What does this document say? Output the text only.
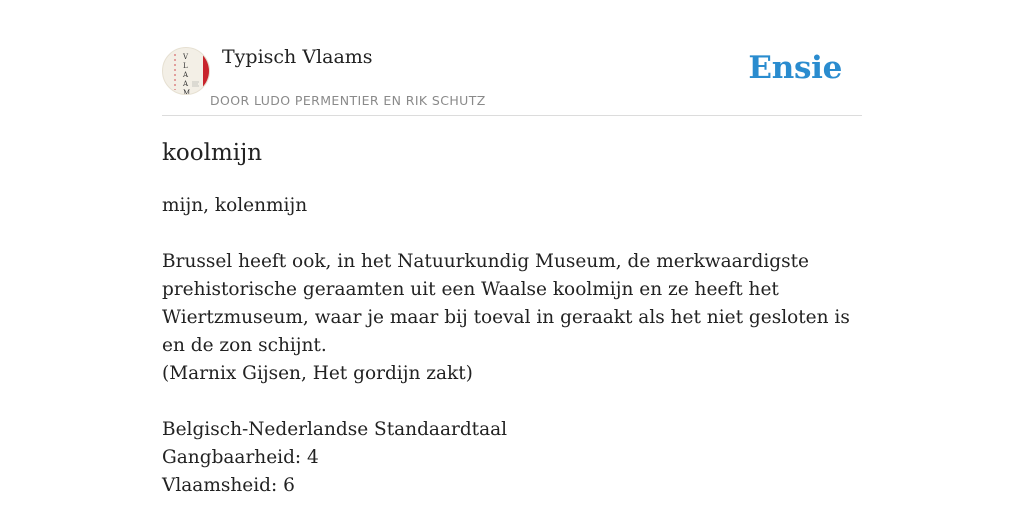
V
L
A
A
M
Typisch Vlaams
DOOR LUDO PERMENTIER EN RIK SCHUTZ
Ensie
koolmijn

mijn, kolenmijn

Brussel heeft ook, in het Natuurkundig Museum, de merkwaardigste prehistorische geraamten uit een Waalse koolmijn en ze heeft het Wiertzmuseum, waar je maar bij toeval in geraakt als het niet gesloten is en de zon schijnt.

(Marnix Gijsen, Het gordijn zakt)

Belgisch-Nederlandse Standaardtaal

Gangbaarheid: 4

Vlaamsheid: 6
